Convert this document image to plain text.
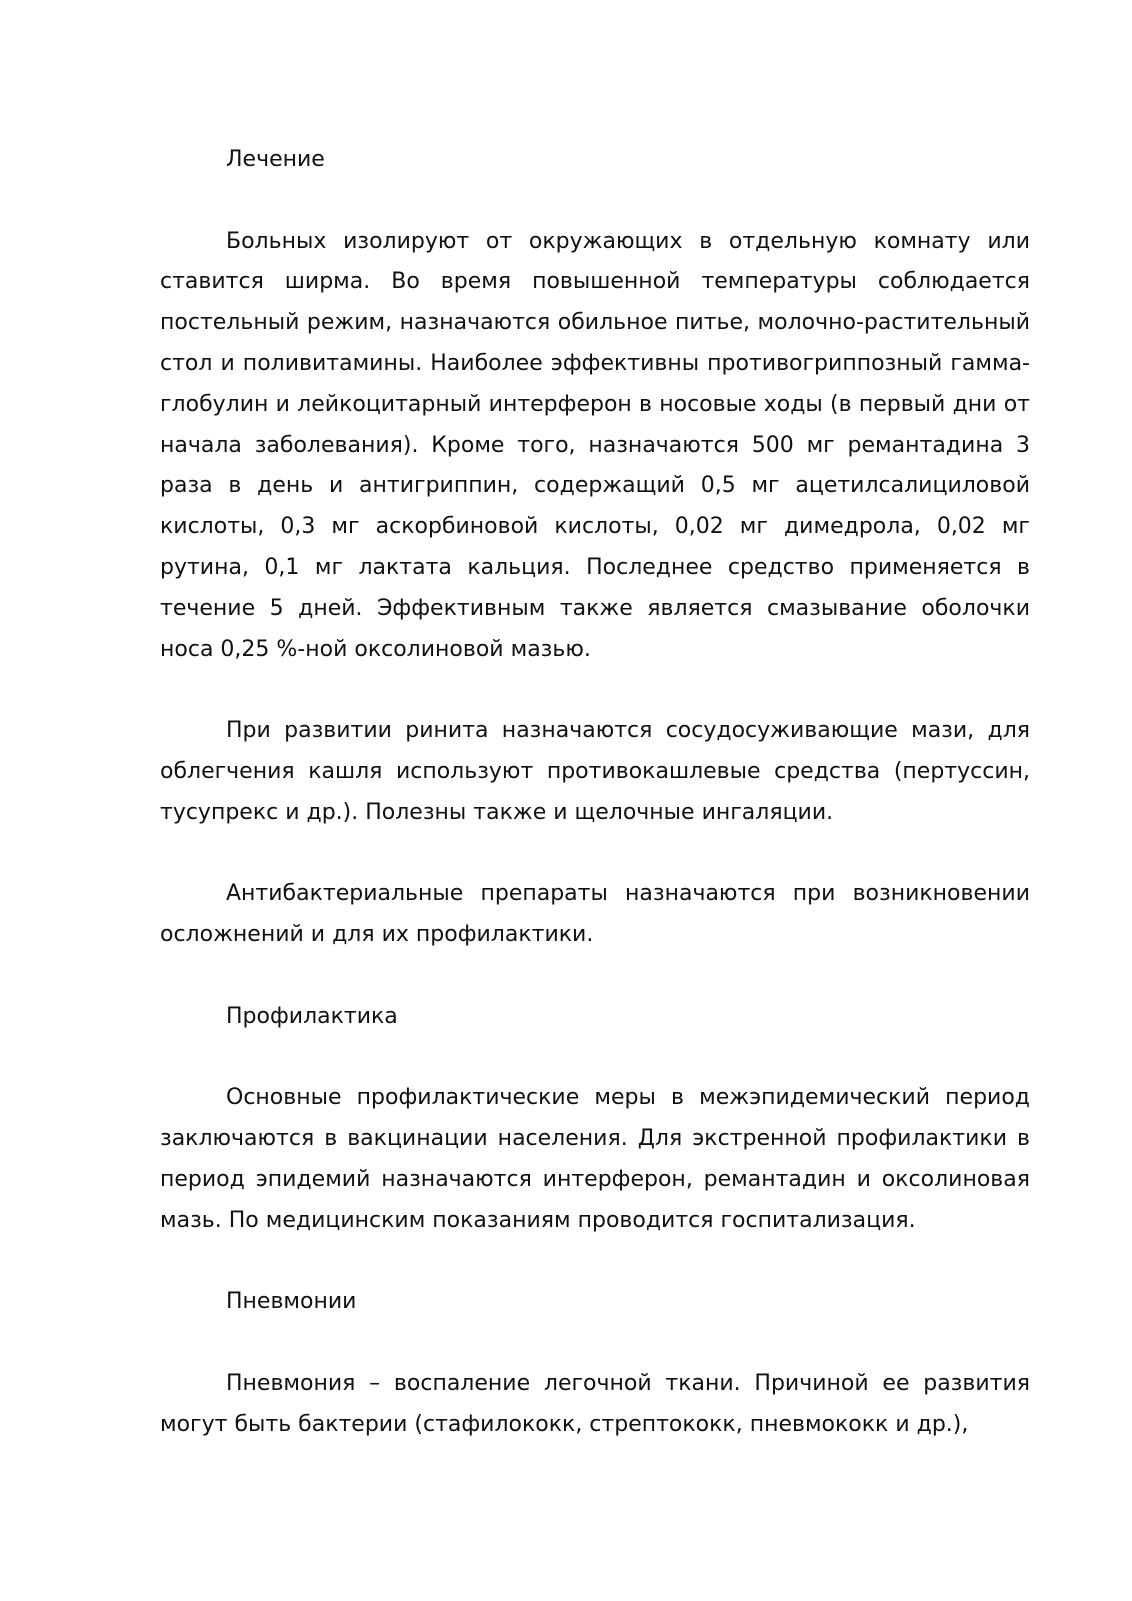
Лечение

Больных изолируют от окружающих в отдельную комнату или ставится ширма. Во время повышенной температуры соблюдается постельный режим, назначаются обильное питье, молочно-растительный стол и поливитамины. Наиболее эффективны противогриппозный гамма-глобулин и лейкоцитарный интерферон в носовые ходы (в первый дни от начала заболевания). Кроме того, назначаются 500 мг ремантадина 3 раза в день и антигриппин, содержащий 0,5 мг ацетилсалициловой кислоты, 0,3 мг аскорбиновой кислоты, 0,02 мг димедрола, 0,02 мг рутина, 0,1 мг лактата кальция. Последнее средство применяется в течение 5 дней. Эффективным также является смазывание оболочки носа 0,25 %-ной оксолиновой мазью.

При развитии ринита назначаются сосудосуживающие мази, для облегчения кашля используют противокашлевые средства (пертуссин, тусупрекс и др.). Полезны также и щелочные ингаляции.

Антибактериальные препараты назначаются при возникновении осложнений и для их профилактики.

Профилактика

Основные профилактические меры в межэпидемический период заключаются в вакцинации населения. Для экстренной профилактики в период эпидемий назначаются интерферон, ремантадин и оксолиновая мазь. По медицинским показаниям проводится госпитализация.

Пневмонии

Пневмония – воспаление легочной ткани. Причиной ее развития могут быть бактерии (стафилококк, стрептококк, пневмококк и др.),
